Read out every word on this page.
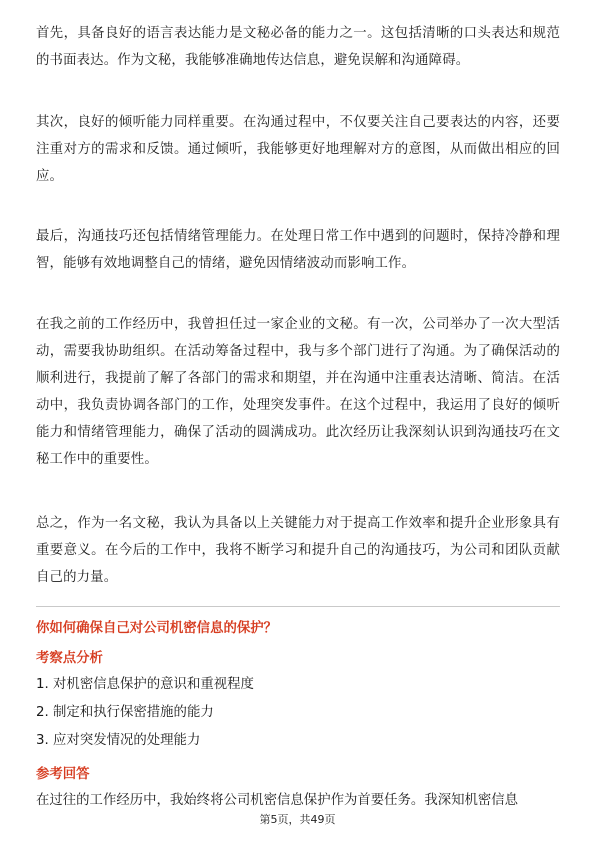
首先，具备良好的语言表达能力是文秘必备的能力之一。这包括清晰的口头表达和规范的书面表达。作为文秘，我能够准确地传达信息，避免误解和沟通障碍。

其次，良好的倾听能力同样重要。在沟通过程中，不仅要关注自己要表达的内容，还要注重对方的需求和反馈。通过倾听，我能够更好地理解对方的意图，从而做出相应的回应。

最后，沟通技巧还包括情绪管理能力。在处理日常工作中遇到的问题时，保持冷静和理智，能够有效地调整自己的情绪，避免因情绪波动而影响工作。

在我之前的工作经历中，我曾担任过一家企业的文秘。有一次，公司举办了一次大型活动，需要我协助组织。在活动筹备过程中，我与多个部门进行了沟通。为了确保活动的顺利进行，我提前了解了各部门的需求和期望，并在沟通中注重表达清晰、简洁。在活动中，我负责协调各部门的工作，处理突发事件。在这个过程中，我运用了良好的倾听能力和情绪管理能力，确保了活动的圆满成功。此次经历让我深刻认识到沟通技巧在文秘工作中的重要性。

总之，作为一名文秘，我认为具备以上关键能力对于提高工作效率和提升企业形象具有重要意义。在今后的工作中，我将不断学习和提升自己的沟通技巧，为公司和团队贡献自己的力量。

你如何确保自己对公司机密信息的保护？

考察点分析

1. 对机密信息保护的意识和重视程度

2. 制定和执行保密措施的能力

3. 应对突发情况的处理能力

参考回答

在过往的工作经历中，我始终将公司机密信息保护作为首要任务。我深知机密信息

第5页，共49页
